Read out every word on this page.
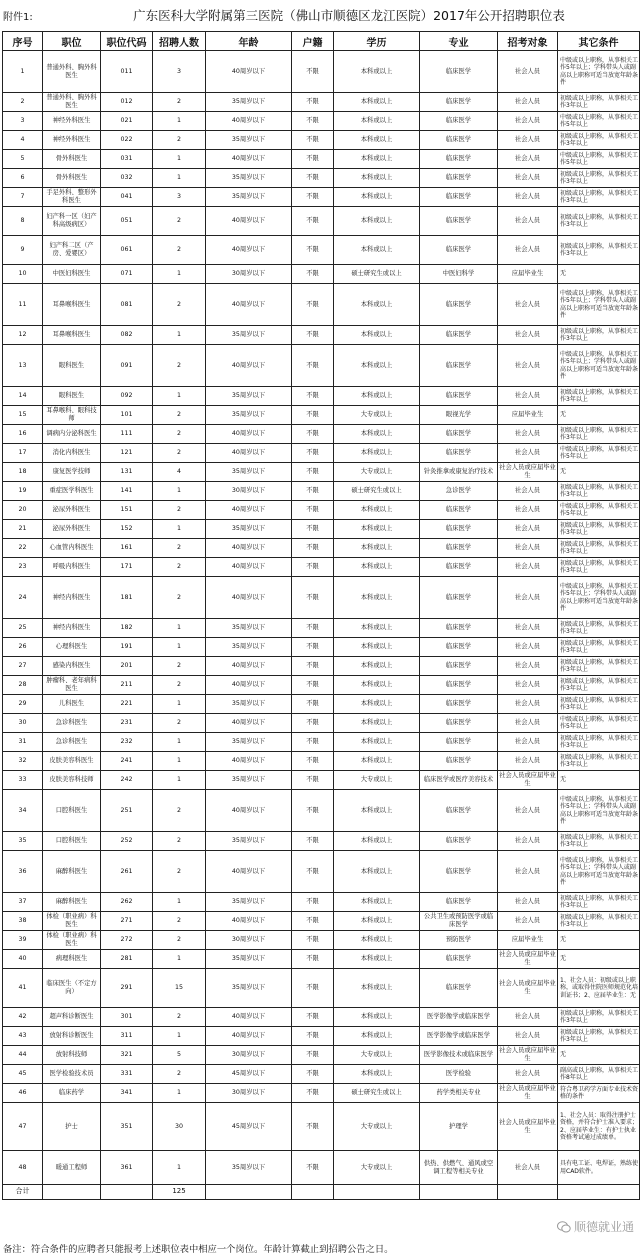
附件1:	广东医科大学附属第三医院（佛山市顺德区龙江医院）2017年公开招聘职位表
序号	职位	职位代码	招聘人数	年龄	户籍	学历	专业	招考对象	其它条件
1	普通外科、胸外科医生	011	3	40周岁以下	不限	本科或以上	临床医学	社会人员	中级或以上职称，从事相关工作5年以上；学科带头人或副高以上职称可适当放宽年龄条件
2	普通外科、胸外科医生	012	2	35周岁以下	不限	本科或以上	临床医学	社会人员	初级或以上职称，从事相关工作3年以上
3	神经外科医生	021	1	40周岁以下	不限	本科或以上	临床医学	社会人员	中级或以上职称，从事相关工作5年以上
4	神经外科医生	022	2	35周岁以下	不限	本科或以上	临床医学	社会人员	初级或以上职称，从事相关工作3年以上
5	骨外科医生	031	1	40周岁以下	不限	本科或以上	临床医学	社会人员	中级或以上职称，从事相关工作5年以上
6	骨外科医生	032	1	35周岁以下	不限	本科或以上	临床医学	社会人员	初级或以上职称，从事相关工作3年以上
7	手足外科、整形外科医生	041	3	35周岁以下	不限	本科或以上	临床医学	社会人员	初级或以上职称，从事相关工作3年以上
8	妇产科一区（妇产科高级病区）	051	2	40周岁以下	不限	本科或以上	临床医学	社会人员	初级或以上职称，从事相关工作3年以上
9	妇产科二区（产房、爱婴区）	061	2	40周岁以下	不限	本科或以上	临床医学	社会人员	初级或以上职称，从事相关工作3年以上
10	中医妇科医生	071	1	30周岁以下	不限	硕士研究生或以上	中医妇科学	应届毕业生	无
11	耳鼻喉科医生	081	2	40周岁以下	不限	本科或以上	临床医学	社会人员	中级或以上职称，从事相关工作5年以上；学科带头人或副高以上职称可适当放宽年龄条件
12	耳鼻喉科医生	082	1	35周岁以下	不限	本科或以上	临床医学	社会人员	初级或以上职称，从事相关工作3年以上
13	眼科医生	091	2	40周岁以下	不限	本科或以上	临床医学	社会人员	中级或以上职称，从事相关工作5年以上；学科带头人或副高以上职称可适当放宽年龄条件
14	眼科医生	092	1	35周岁以下	不限	本科或以上	临床医学	社会人员	初级或以上职称，从事相关工作3年以上
15	耳鼻喉科、眼科技师	101	2	35周岁以下	不限	大专或以上	眼视光学	应届毕业生	无
16	调病内分泌科医生	111	2	40周岁以下	不限	本科或以上	临床医学	社会人员	初级或以上职称，从事相关工作3年以上
17	消化内科医生	121	2	40周岁以下	不限	本科或以上	临床医学	社会人员	中级或以上职称，从事相关工作5年以上
18	康复医学技师	131	4	35周岁以下	不限	大专或以上	针灸推拿或康复治疗技术	社会人员或应届毕业生	无
19	重症医学科医生	141	1	30周岁以下	不限	硕士研究生或以上	急诊医学	社会人员	初级或以上职称，从事相关工作3年以上
20	泌尿外科医生	151	2	40周岁以下	不限	本科或以上	临床医学	社会人员	中级或以上职称，从事相关工作5年以上
21	泌尿外科医生	152	1	35周岁以下	不限	本科或以上	临床医学	社会人员	初级或以上职称，从事相关工作3年以上
22	心血管内科医生	161	2	40周岁以下	不限	本科或以上	临床医学	社会人员	初级或以上职称，从事相关工作3年以上
23	呼吸内科医生	171	2	40周岁以下	不限	本科或以上	临床医学	社会人员	初级或以上职称，从事相关工作3年以上
24	神经内科医生	181	2	40周岁以下	不限	本科或以上	临床医学	社会人员	中级或以上职称，从事相关工作5年以上；学科带头人或副高以上职称可适当放宽年龄条件
25	神经内科医生	182	1	35周岁以下	不限	本科或以上	临床医学	社会人员	初级或以上职称，从事相关工作3年以上
26	心理科医生	191	1	35周岁以下	不限	本科或以上	临床医学	社会人员	初级或以上职称，从事相关工作3年以上
27	感染内科医生	201	2	40周岁以下	不限	本科或以上	临床医学	社会人员	初级或以上职称，从事相关工作3年以上
28	肿瘤科、老年病科医生	211	2	40周岁以下	不限	本科或以上	临床医学	社会人员	初级或以上职称，从事相关工作3年以上
29	儿科医生	221	1	35周岁以下	不限	本科或以上	临床医学	社会人员	初级或以上职称，从事相关工作3年以上
30	急诊科医生	231	2	40周岁以下	不限	本科或以上	临床医学	社会人员	中级或以上职称，从事相关工作5年以上
31	急诊科医生	232	1	35周岁以下	不限	本科或以上	临床医学	社会人员	初级或以上职称，从事相关工作3年以上
32	皮肤美容科医生	241	1	40周岁以下	不限	本科或以上	临床医学	社会人员	初级或以上职称，从事相关工作3年以上
33	皮肤美容科技师	242	1	35周岁以下	不限	大专或以上	临床医学或医疗美容技术	社会人员或应届毕业生	无
34	口腔科医生	251	2	40周岁以下	不限	本科或以上	临床医学	社会人员	中级或以上职称，从事相关工作5年以上；学科带头人或副高以上职称可适当放宽年龄条件
35	口腔科医生	252	2	35周岁以下	不限	本科或以上	临床医学	社会人员	初级或以上职称，从事相关工作3年以上
36	麻醉科医生	261	2	40周岁以下	不限	本科或以上	临床医学	社会人员	中级或以上职称，从事相关工作5年以上；学科带头人或副高以上职称可适当放宽年龄条件
37	麻醉科医生	262	1	35周岁以下	不限	本科或以上	临床医学	社会人员	初级或以上职称，从事相关工作3年以上
38	体检（职业病）科医生	271	2	40周岁以下	不限	本科或以上	公共卫生或预防医学或临床医学	社会人员	初级或以上职称，从事相关工作3年以上
39	体检（职业病）科医生	272	2	30周岁以下	不限	本科或以上	预防医学	应届毕业生	无
40	病理科医生	281	1	35周岁以下	不限	本科或以上	临床医学	社会人员或应届毕业生	无
41	临床医生（不定方向）	291	15	35周岁以下	不限	本科或以上	临床医学	社会人员或应届毕业生	1、社会人员：初级或以上职称，或取得住院医师规范化培训证书；2、应届毕业生：无
42	超声科诊断医生	301	2	40周岁以下	不限	本科或以上	医学影像学或临床医学	社会人员	初级或以上职称，从事相关工作3年以上
43	放射科诊断医生	311	1	40周岁以下	不限	本科或以上	医学影像学或临床医学	社会人员	初级或以上职称，从事相关工作3年以上
44	放射科技师	321	5	30周岁以下	不限	大专或以上	医学影像技术或临床医学	社会人员或应届毕业生	无
45	医学检验技术员	331	2	45周岁以下	不限	本科或以上	医学检验	社会人员	副高或以上职称，从事相关工作8年以上
46	临床药学	341	1	30周岁以下	不限	硕士研究生或以上	药学类相关专业	社会人员或应届毕业生	符合粤卫药学方面专业技术资格的条件
47	护士	351	30	45周岁以下	不限	大专或以上	护理学	社会人员或应届毕业生	1、社会人员：取得注册护士资格，并符合护士准入要求；2、应届毕业生：有护士执业资格考试通过成绩单。
48	暖通工程师	361	1	35周岁以下	不限	大专或以上	供热、供燃气、通风或空调工程等相关专业	社会人员	具有电工证、电焊证，熟练使用CAD软件。
合计			125						
顺德就业通
备注：符合条件的应聘者只能报考上述职位表中相应一个岗位。年龄计算截止到招聘公告之日。
